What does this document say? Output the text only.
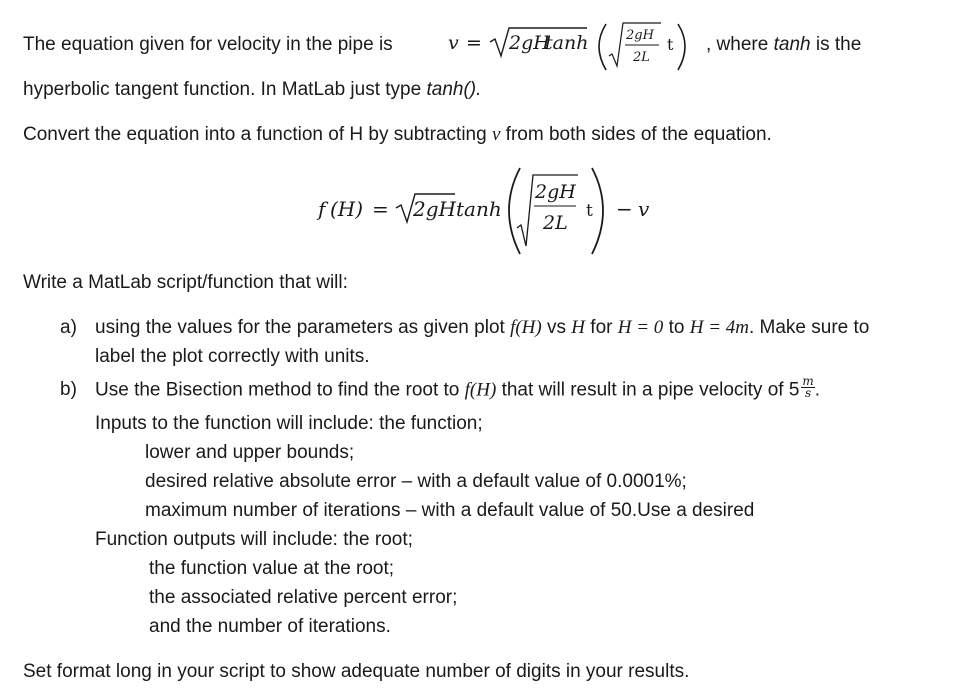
The equation given for velocity in the pipe is	v = 2gH
tanh	2gH
2L
t , where tanh is the
hyperbolic tangent function. In MatLab just type tanh().
Convert the equation into a function of H by subtracting v from both sides of the equation.
f (H) = 2gH tanh
2gH
2L
t − v
Write a MatLab script/function that will:
a) using the values for the parameters as given plot f(H) vs H for H = 0 to H = 4m. Make sure to
label the plot correctly with units.
b) Use the Bisection method to find the root to f(H) that will result in a pipe velocity of $5 \frac{m}{s}$ .
Inputs to the function will include: the function;
lower and upper bounds;
desired relative absolute error – with a default value of 0.0001%;
maximum number of iterations – with a default value of 50.Use a desired
Function outputs will include: the root;
the function value at the root;
the associated relative percent error;
and the number of iterations.
Set format long in your script to show adequate number of digits in your results.
